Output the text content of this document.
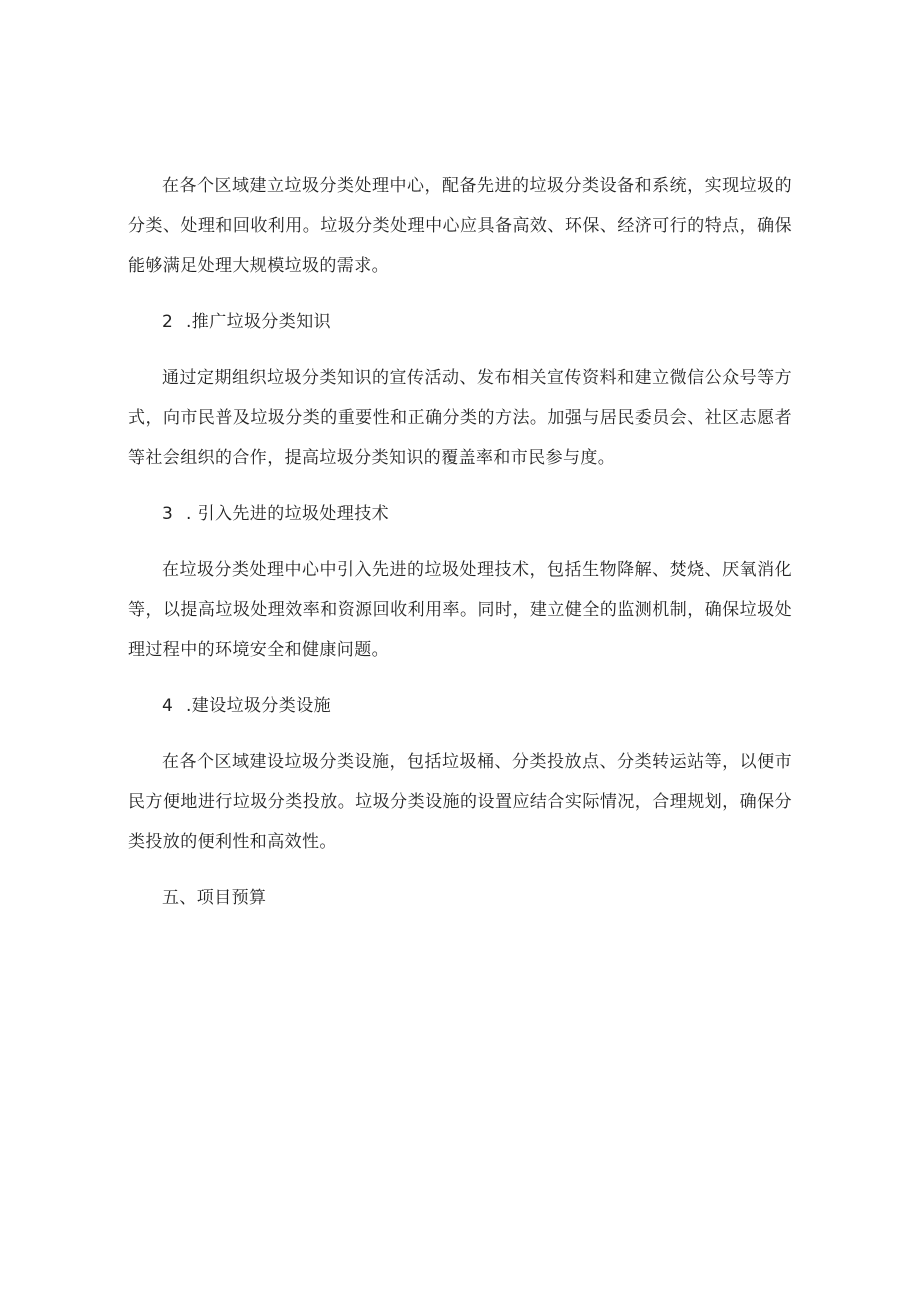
在各个区域建立垃圾分类处理中心，配备先进的垃圾分类设备和系统，实现垃圾的分类、处理和回收利用。垃圾分类处理中心应具备高效、环保、经济可行的特点，确保能够满足处理大规模垃圾的需求。

2 .推广垃圾分类知识

通过定期组织垃圾分类知识的宣传活动、发布相关宣传资料和建立微信公众号等方式，向市民普及垃圾分类的重要性和正确分类的方法。加强与居民委员会、社区志愿者等社会组织的合作，提高垃圾分类知识的覆盖率和市民参与度。

3 . 引入先进的垃圾处理技术

在垃圾分类处理中心中引入先进的垃圾处理技术，包括生物降解、焚烧、厌氧消化等，以提高垃圾处理效率和资源回收利用率。同时，建立健全的监测机制，确保垃圾处理过程中的环境安全和健康问题。

4 .建设垃圾分类设施

在各个区域建设垃圾分类设施，包括垃圾桶、分类投放点、分类转运站等，以便市民方便地进行垃圾分类投放。垃圾分类设施的设置应结合实际情况，合理规划，确保分类投放的便利性和高效性。

五、项目预算
